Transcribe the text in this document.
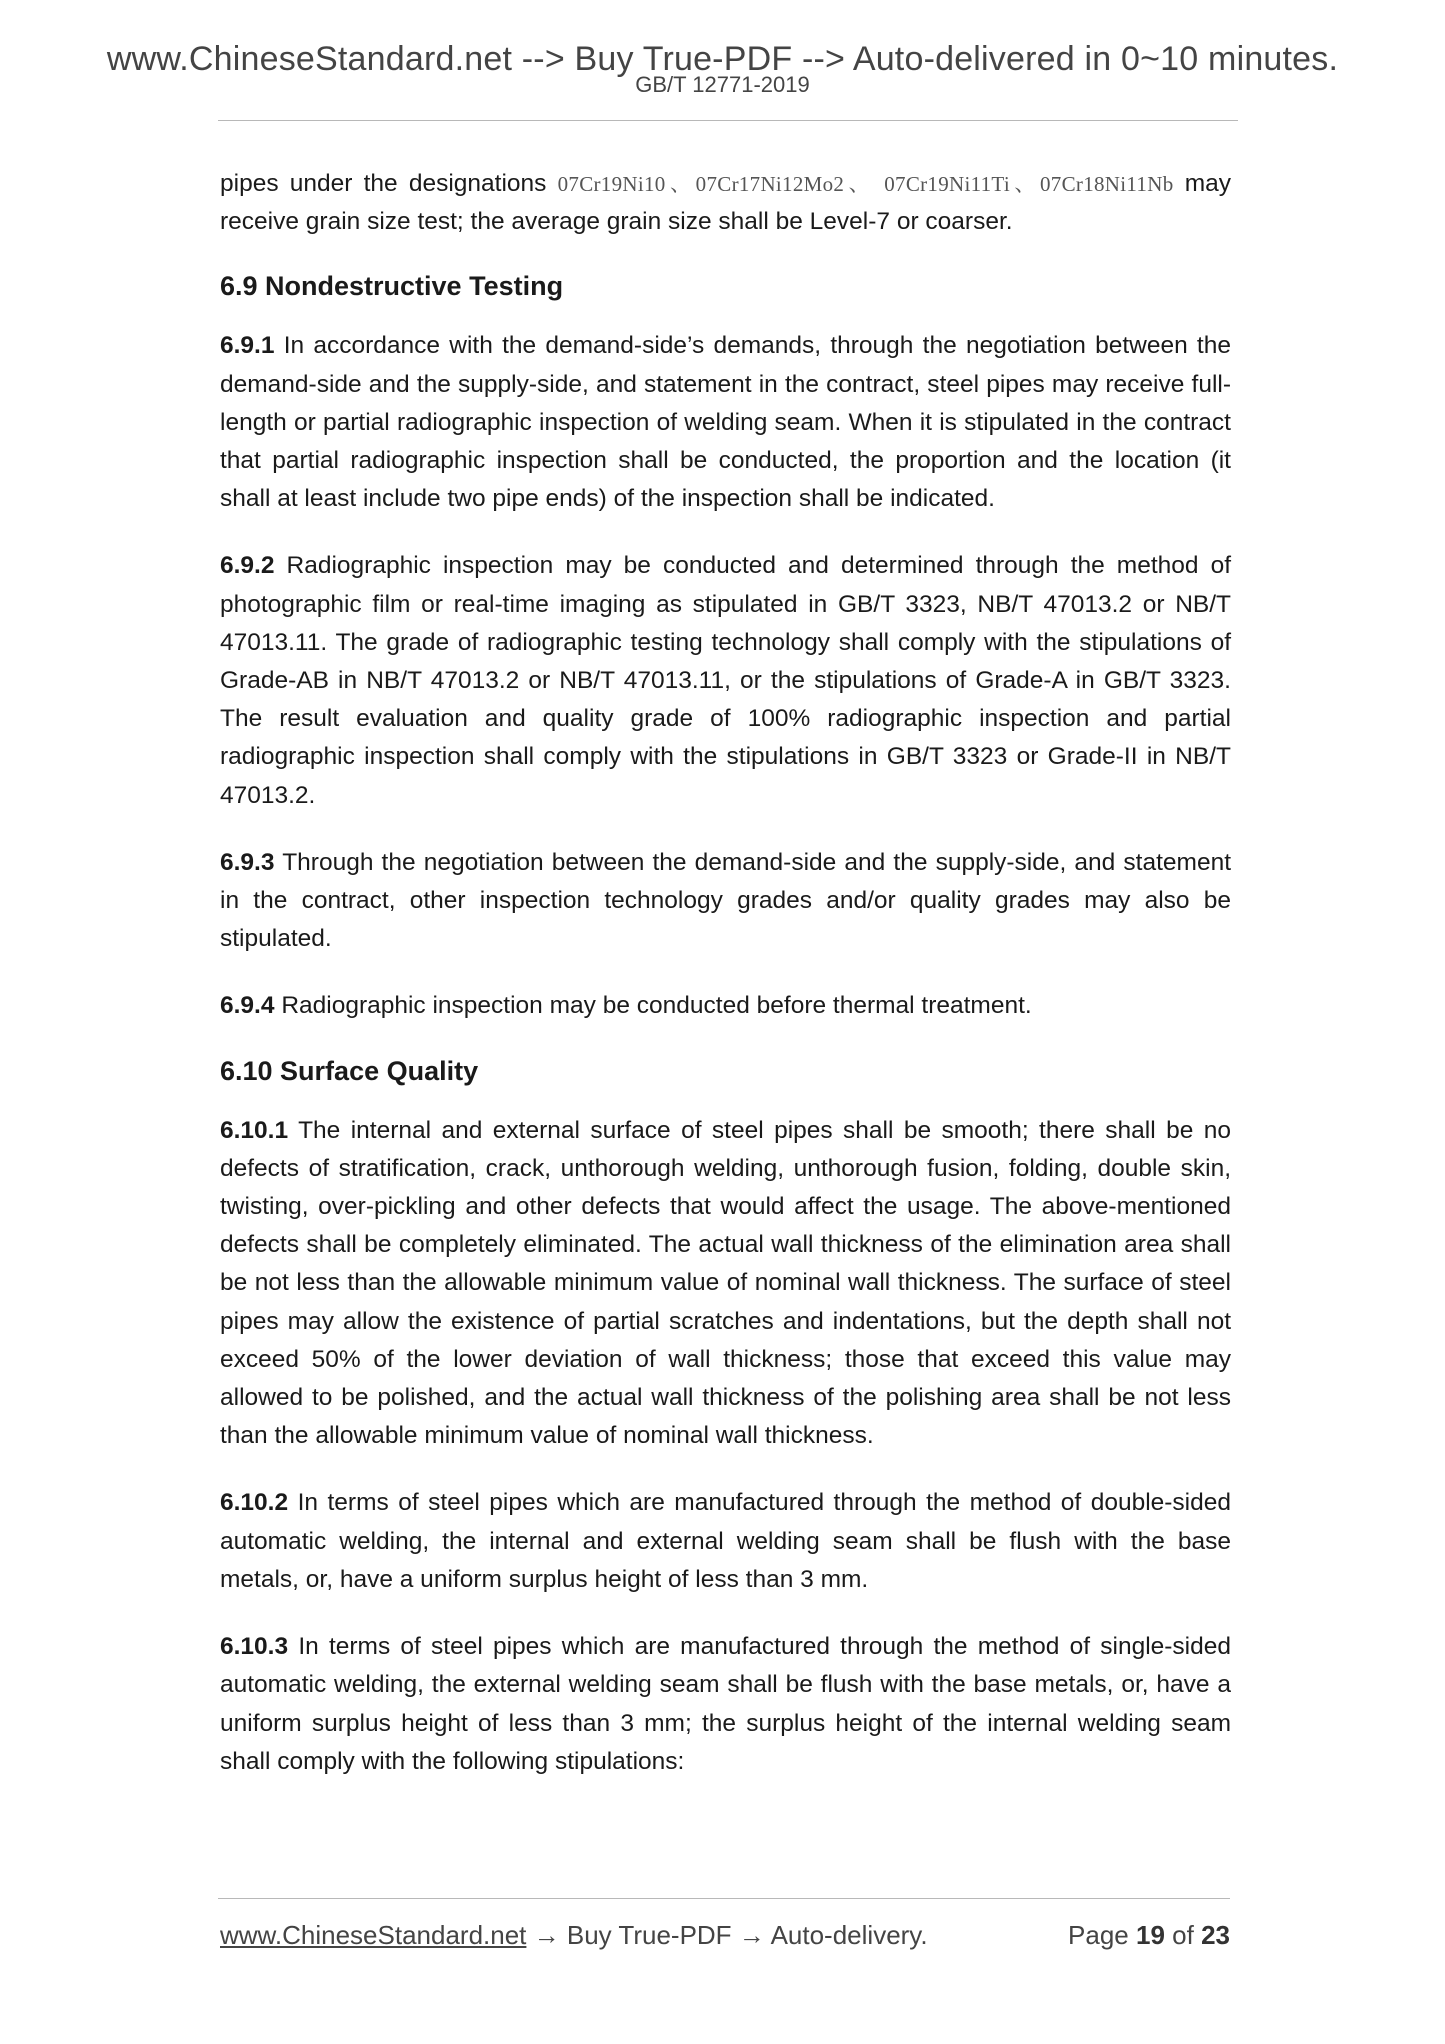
www.ChineseStandard.net --> Buy True-PDF --> Auto-delivered in 0~10 minutes.
GB/T 12771-2019

pipes under the designations 07Cr19Ni10、07Cr17Ni12Mo2、 07Cr19Ni11Ti、07Cr18Ni11Nb may receive grain size test; the average grain size shall be Level-7 or coarser.

6.9 Nondestructive Testing

6.9.1 In accordance with the demand-side’s demands, through the negotiation between the demand-side and the supply-side, and statement in the contract, steel pipes may receive full-length or partial radiographic inspection of welding seam. When it is stipulated in the contract that partial radiographic inspection shall be conducted, the proportion and the location (it shall at least include two pipe ends) of the inspection shall be indicated.

6.9.2 Radiographic inspection may be conducted and determined through the method of photographic film or real-time imaging as stipulated in GB/T 3323, NB/T 47013.2 or NB/T 47013.11. The grade of radiographic testing technology shall comply with the stipulations of Grade-AB in NB/T 47013.2 or NB/T 47013.11, or the stipulations of Grade-A in GB/T 3323. The result evaluation and quality grade of 100% radiographic inspection and partial radiographic inspection shall comply with the stipulations in GB/T 3323 or Grade-II in NB/T 47013.2.

6.9.3 Through the negotiation between the demand-side and the supply-side, and statement in the contract, other inspection technology grades and/or quality grades may also be stipulated.

6.9.4 Radiographic inspection may be conducted before thermal treatment.

6.10 Surface Quality

6.10.1 The internal and external surface of steel pipes shall be smooth; there shall be no defects of stratification, crack, unthorough welding, unthorough fusion, folding, double skin, twisting, over-pickling and other defects that would affect the usage. The above-mentioned defects shall be completely eliminated. The actual wall thickness of the elimination area shall be not less than the allowable minimum value of nominal wall thickness. The surface of steel pipes may allow the existence of partial scratches and indentations, but the depth shall not exceed 50% of the lower deviation of wall thickness; those that exceed this value may allowed to be polished, and the actual wall thickness of the polishing area shall be not less than the allowable minimum value of nominal wall thickness.

6.10.2 In terms of steel pipes which are manufactured through the method of double-sided automatic welding, the internal and external welding seam shall be flush with the base metals, or, have a uniform surplus height of less than 3 mm.

6.10.3 In terms of steel pipes which are manufactured through the method of single-sided automatic welding, the external welding seam shall be flush with the base metals, or, have a uniform surplus height of less than 3 mm; the surplus height of the internal welding seam shall comply with the following stipulations:

www.ChineseStandard.net → Buy True-PDF → Auto-delivery.	Page 19 of 23
